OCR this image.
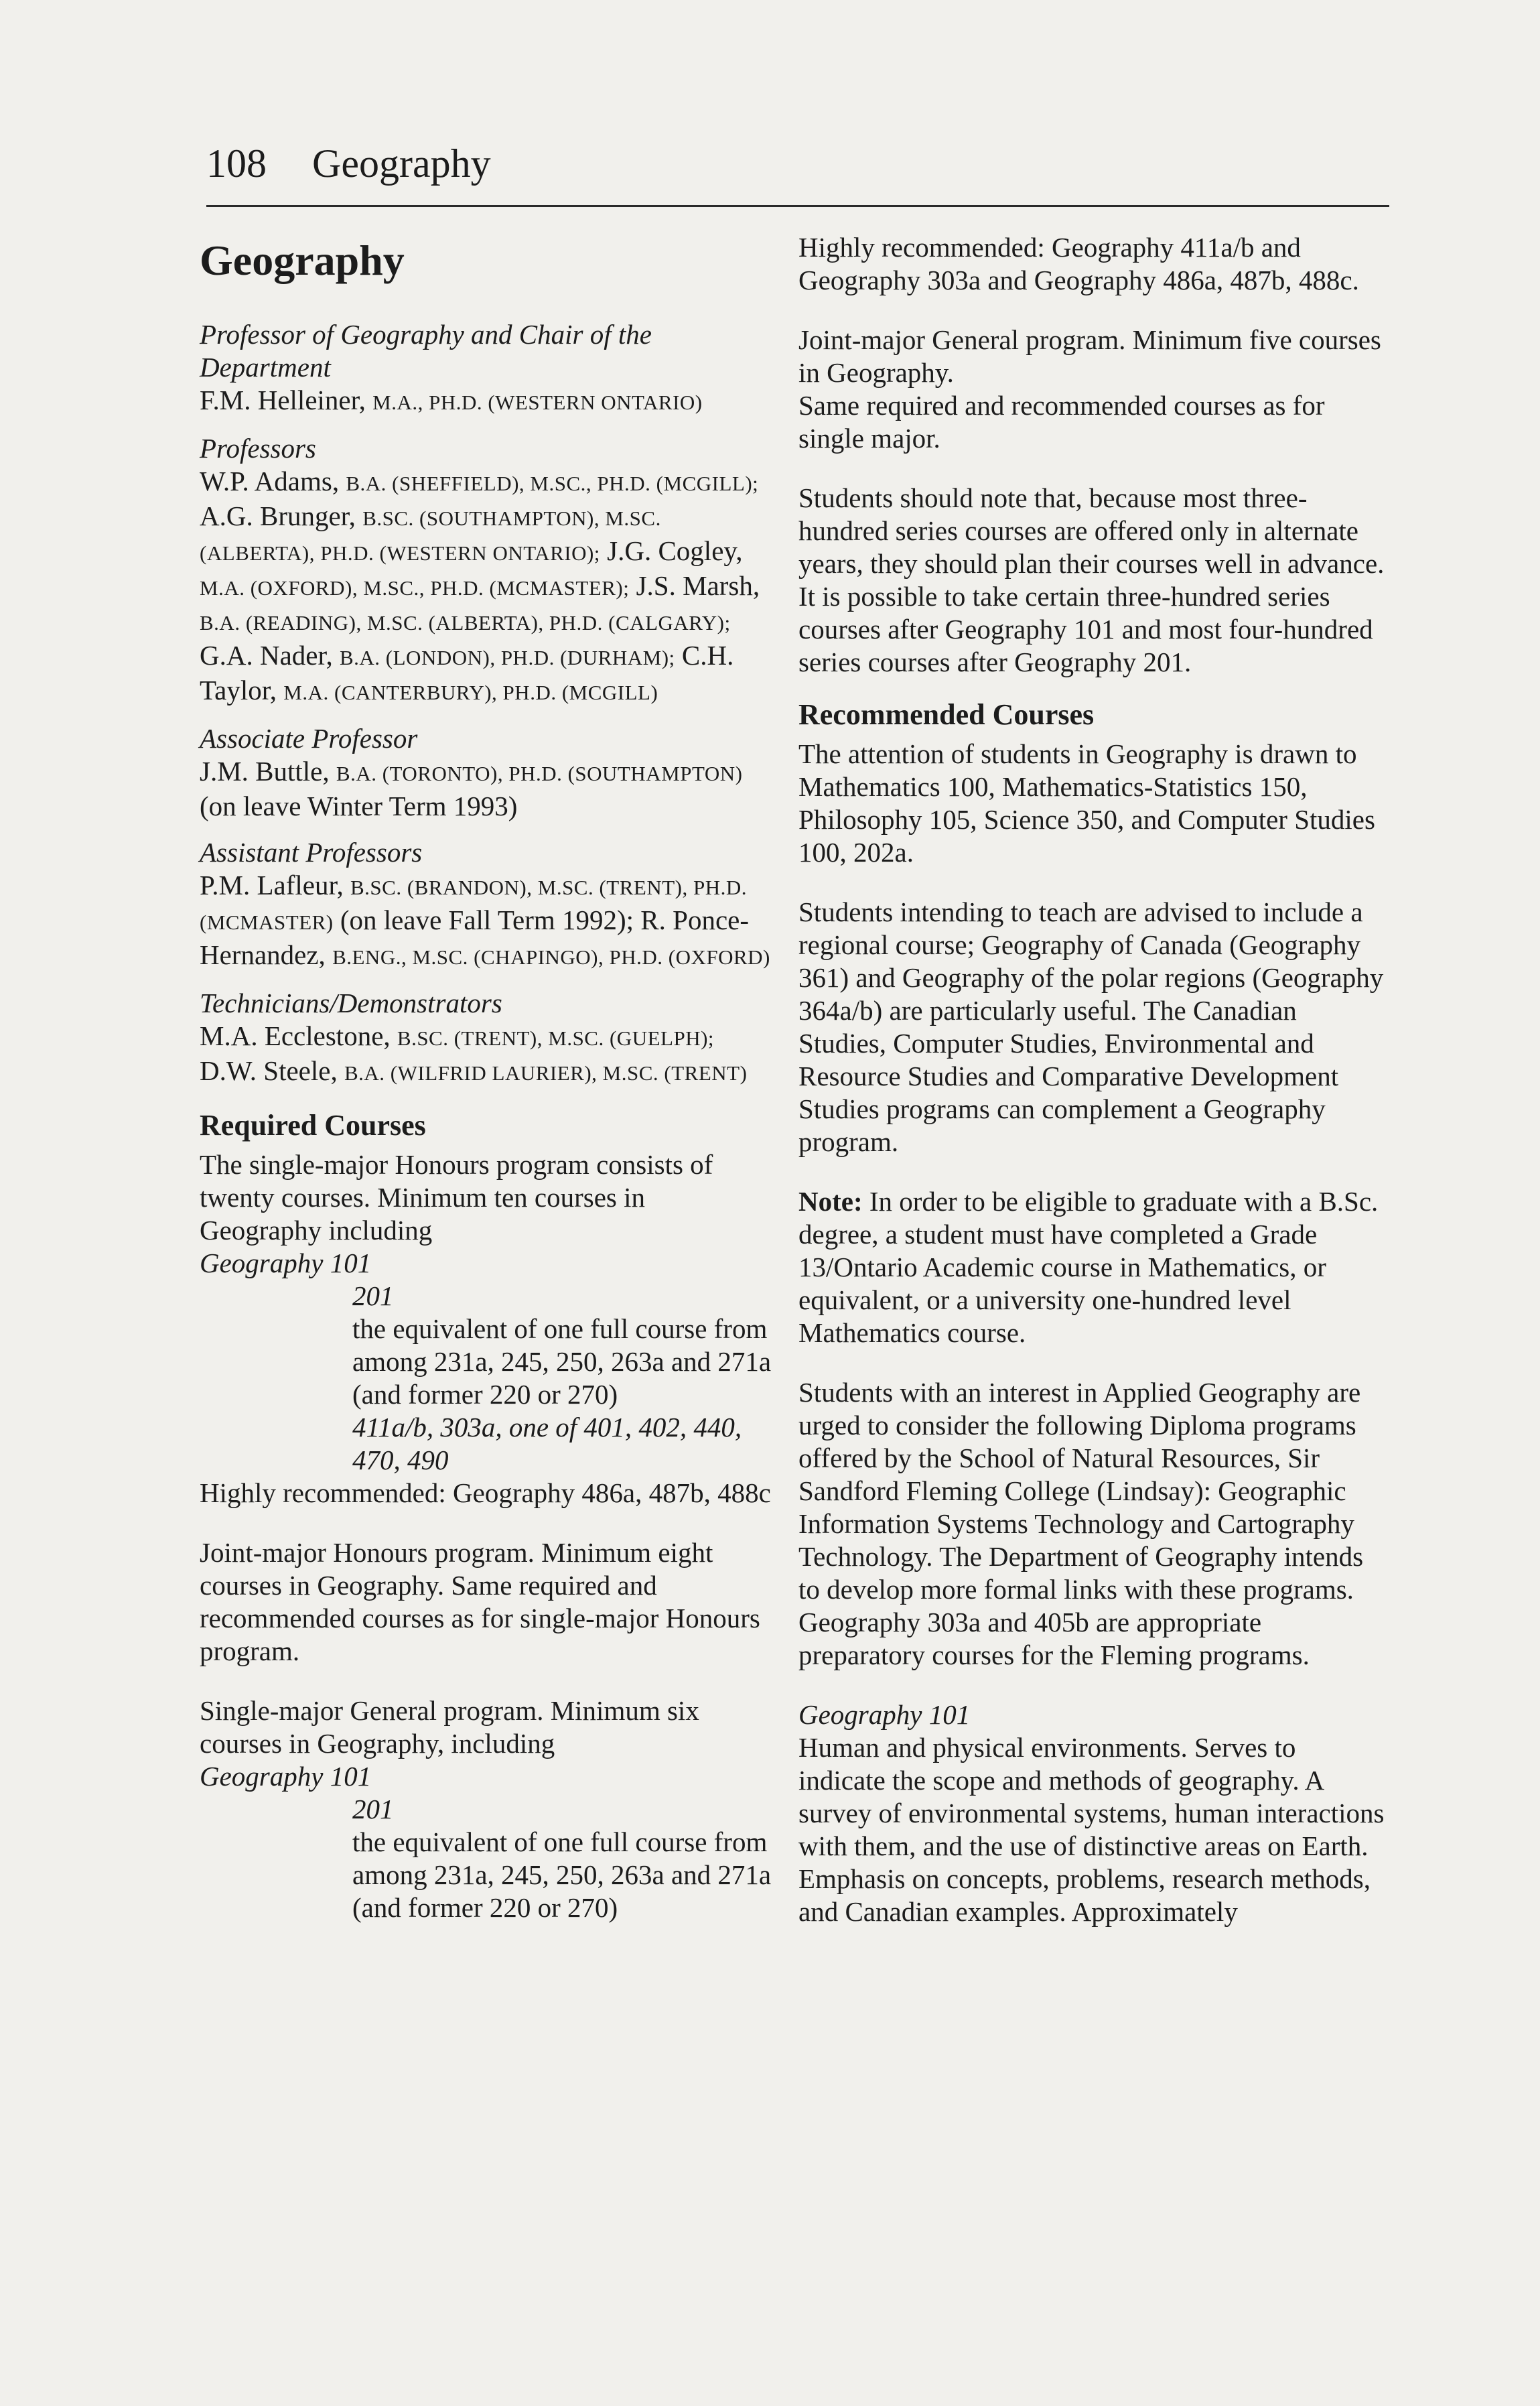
108 Geography
Geography
Professor of Geography and Chair of the Department
F.M. Helleiner, M.A., PH.D. (WESTERN ONTARIO)
Professors
W.P. Adams, B.A. (SHEFFIELD), M.SC., PH.D. (MCGILL); A.G. Brunger, B.SC. (SOUTHAMPTON), M.SC. (ALBERTA), PH.D. (WESTERN ONTARIO); J.G. Cogley, M.A. (OXFORD), M.SC., PH.D. (MCMASTER); J.S. Marsh, B.A. (READING), M.SC. (ALBERTA), PH.D. (CALGARY); G.A. Nader, B.A. (LONDON), PH.D. (DURHAM); C.H. Taylor, M.A. (CANTERBURY), PH.D. (MCGILL)
Associate Professor
J.M. Buttle, B.A. (TORONTO), PH.D. (SOUTHAMPTON) (on leave Winter Term 1993)
Assistant Professors
P.M. Lafleur, B.SC. (BRANDON), M.SC. (TRENT), PH.D. (MCMASTER) (on leave Fall Term 1992); R. Ponce-Hernandez, B.ENG., M.SC. (CHAPINGO), PH.D. (OXFORD)
Technicians/Demonstrators
M.A. Ecclestone, B.SC. (TRENT), M.SC. (GUELPH); D.W. Steele, B.A. (WILFRID LAURIER), M.SC. (TRENT)
Required Courses
The single-major Honours program consists of twenty courses. Minimum ten courses in Geography including
Geography 101
201
the equivalent of one full course from among 231a, 245, 250, 263a and 271a
(and former 220 or 270)
411a/b, 303a, one of 401, 402, 440, 470, 490

Highly recommended: Geography 486a, 487b, 488c

Joint-major Honours program. Minimum eight courses in Geography. Same required and recommended courses as for single-major Honours program.

Single-major General program. Minimum six courses in Geography, including
Geography 101
201
the equivalent of one full course from among 231a, 245, 250, 263a and 271a
(and former 220 or 270)

Highly recommended: Geography 411a/b and Geography 303a and Geography 486a, 487b, 488c.

Joint-major General program. Minimum five courses in Geography.

Same required and recommended courses as for single major.

Students should note that, because most three-hundred series courses are offered only in alternate years, they should plan their courses well in advance. It is possible to take certain three-hundred series courses after Geography 101 and most four-hundred series courses after Geography 201.

Recommended Courses

The attention of students in Geography is drawn to Mathematics 100, Mathematics-Statistics 150, Philosophy 105, Science 350, and Computer Studies 100, 202a.

Students intending to teach are advised to include a regional course; Geography of Canada (Geography 361) and Geography of the polar regions (Geography 364a/b) are particularly useful. The Canadian Studies, Computer Studies, Environmental and Resource Studies and Comparative Development Studies programs can complement a Geography program.

Note: In order to be eligible to graduate with a B.Sc. degree, a student must have completed a Grade 13/Ontario Academic course in Mathematics, or equivalent, or a university one-hundred level Mathematics course.

Students with an interest in Applied Geography are urged to consider the following Diploma programs offered by the School of Natural Resources, Sir Sandford Fleming College (Lindsay): Geographic Information Systems Technology and Cartography Technology. The Department of Geography intends to develop more formal links with these programs. Geography 303a and 405b are appropriate preparatory courses for the Fleming programs.

Geography 101

Human and physical environments. Serves to indicate the scope and methods of geography. A survey of environmental systems, human interactions with them, and the use of distinctive areas on Earth. Emphasis on concepts, problems, research methods, and Canadian examples. Approximately
